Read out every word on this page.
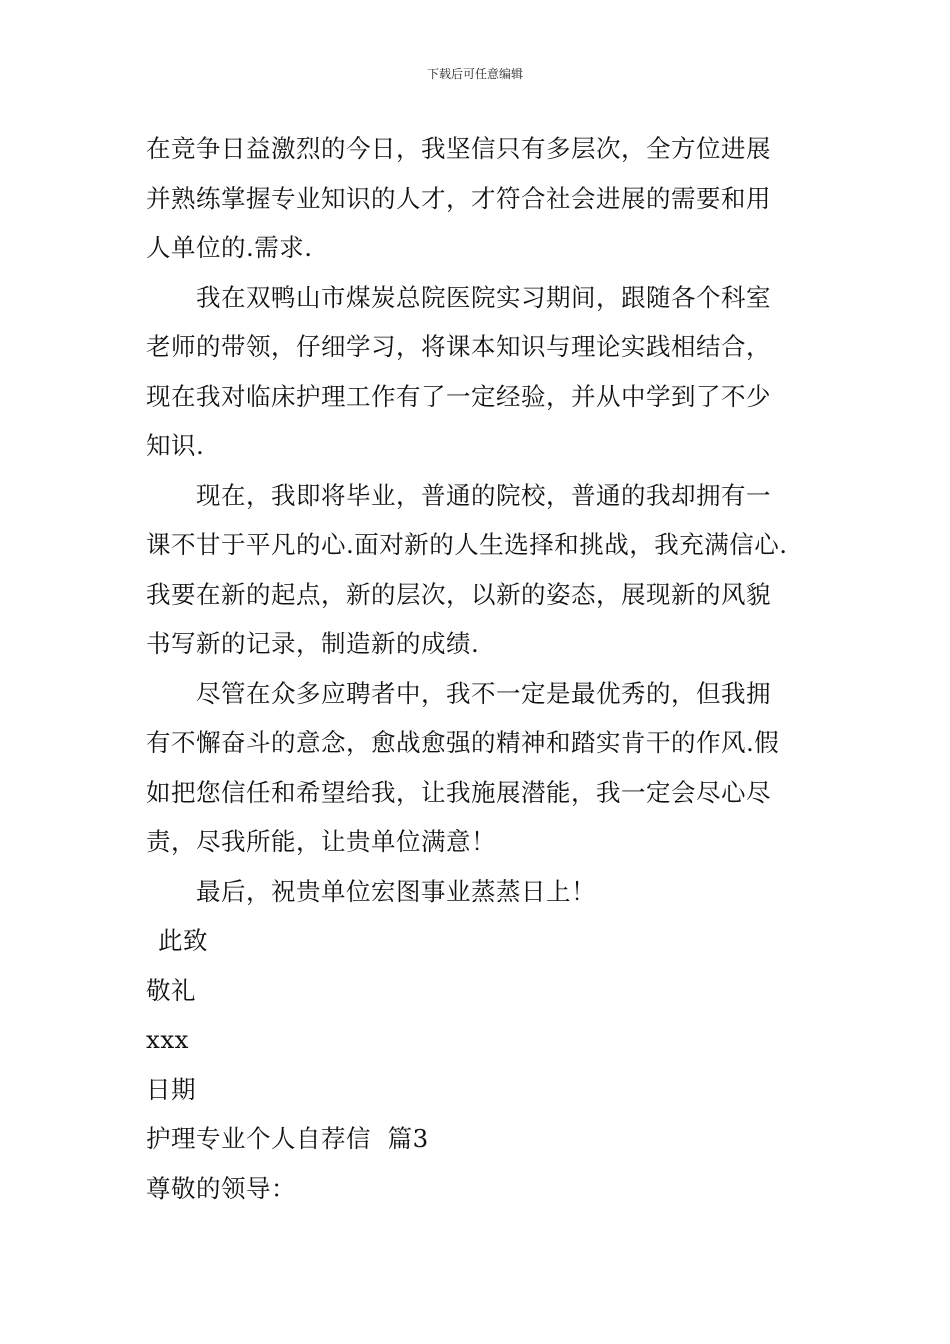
下载后可任意编辑
在竞争日益激烈的今日，我坚信只有多层次，全方位进展
并熟练掌握专业知识的人才，才符合社会进展的需要和用
人单位的.需求.
我在双鸭山市煤炭总院医院实习期间，跟随各个科室
老师的带领，仔细学习，将课本知识与理论实践相结合，
现在我对临床护理工作有了一定经验，并从中学到了不少
知识.
现在，我即将毕业，普通的院校，普通的我却拥有一
课不甘于平凡的心.面对新的人生选择和挑战，我充满信心.
我要在新的起点，新的层次，以新的姿态，展现新的风貌
书写新的记录，制造新的成绩.
尽管在众多应聘者中，我不一定是最优秀的，但我拥
有不懈奋斗的意念，愈战愈强的精神和踏实肯干的作风.假
如把您信任和希望给我，让我施展潜能，我一定会尽心尽
责，尽我所能，让贵单位满意！
最后，祝贵单位宏图事业蒸蒸日上！
此致
敬礼
xxx
日期
护理专业个人自荐信  篇3
尊敬的领导：
